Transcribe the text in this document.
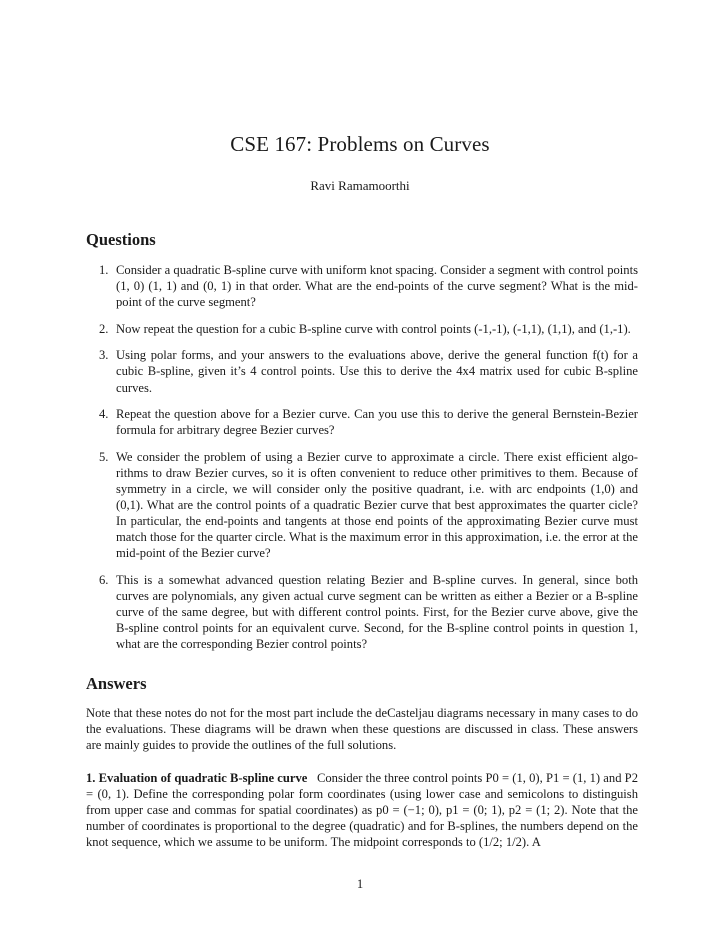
CSE 167: Problems on Curves
Ravi Ramamoorthi
Questions
1. Consider a quadratic B-spline curve with uniform knot spacing. Consider a segment with control points (1, 0) (1, 1) and (0, 1) in that order. What are the end-points of the curve segment? What is the mid-point of the curve segment?
2. Now repeat the question for a cubic B-spline curve with control points (-1,-1), (-1,1), (1,1), and (1,-1).
3. Using polar forms, and your answers to the evaluations above, derive the general function f(t) for a cubic B-spline, given it’s 4 control points. Use this to derive the 4x4 matrix used for cubic B-spline curves.
4. Repeat the question above for a Bezier curve. Can you use this to derive the general Bernstein-Bezier formula for arbitrary degree Bezier curves?
5. We consider the problem of using a Bezier curve to approximate a circle. There exist efficient algo-rithms to draw Bezier curves, so it is often convenient to reduce other primitives to them. Because of symmetry in a circle, we will consider only the positive quadrant, i.e. with arc endpoints (1,0) and (0,1). What are the control points of a quadratic Bezier curve that best approximates the quarter cicle? In particular, the end-points and tangents at those end points of the approximating Bezier curve must match those for the quarter circle. What is the maximum error in this approximation, i.e. the error at the mid-point of the Bezier curve?
6. This is a somewhat advanced question relating Bezier and B-spline curves. In general, since both curves are polynomials, any given actual curve segment can be written as either a Bezier or a B-spline curve of the same degree, but with different control points. First, for the Bezier curve above, give the B-spline control points for an equivalent curve. Second, for the B-spline control points in question 1, what are the corresponding Bezier control points?
Answers

Note that these notes do not for the most part include the deCasteljau diagrams necessary in many cases to do the evaluations. These diagrams will be drawn when these questions are discussed in class. These answers are mainly guides to provide the outlines of the full solutions.

1. Evaluation of quadratic B-spline curve Consider the three control points P0 = (1, 0), P1 = (1, 1) and P2 = (0, 1). Define the corresponding polar form coordinates (using lower case and semicolons to distinguish from upper case and commas for spatial coordinates) as p0 = (−1; 0), p1 = (0; 1), p2 = (1; 2). Note that the number of coordinates is proportional to the degree (quadratic) and for B-splines, the numbers depend on the knot sequence, which we assume to be uniform. The midpoint corresponds to (1/2; 1/2). A

1
